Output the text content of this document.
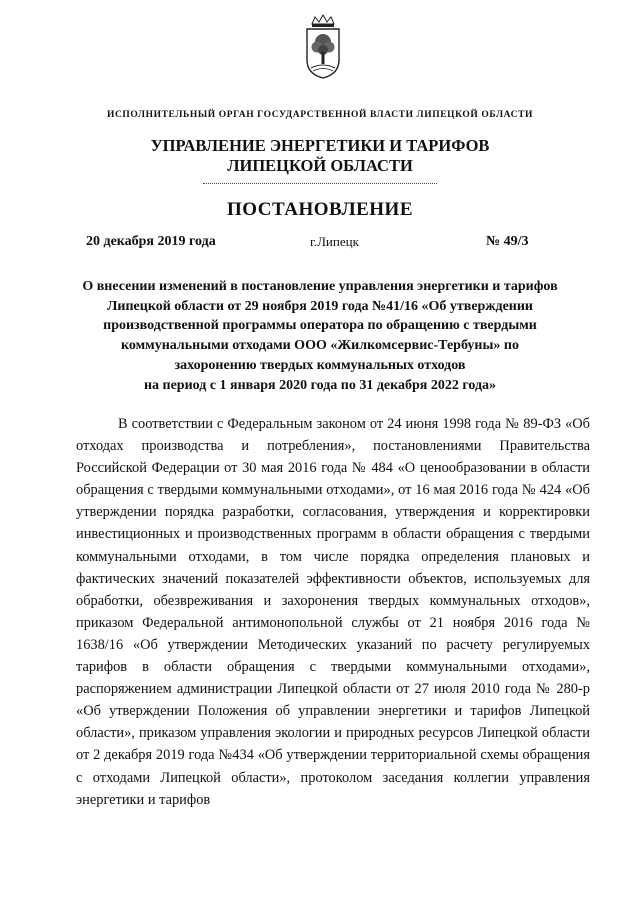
ИСПОЛНИТЕЛЬНЫЙ ОРГАН ГОСУДАРСТВЕННОЙ ВЛАСТИ ЛИПЕЦКОЙ ОБЛАСТИ
УПРАВЛЕНИЕ ЭНЕРГЕТИКИ И ТАРИФОВ
ЛИПЕЦКОЙ ОБЛАСТИ
ПОСТАНОВЛЕНИЕ
20 декабря 2019 года	г.Липецк	№ 49/3
О внесении изменений в постановление управления энергетики и тарифов
Липецкой области от 29 ноября 2019 года №41/16 «Об утверждении
производственной программы оператора по обращению с твердыми
коммунальными отходами ООО «Жилкомсервис-Тербуны» по
захоронению твердых коммунальных отходов
на период с 1 января 2020 года по 31 декабря 2022 года»

В соответствии с Федеральным законом от 24 июня 1998 года № 89-ФЗ «Об отходах производства и потребления», постановлениями Правительства Российской Федерации от 30 мая 2016 года № 484 «О ценообразовании в области обращения с твердыми коммунальными отходами», от 16 мая 2016 года № 424 «Об утверждении порядка разработки, согласования, утверждения и корректировки инвестиционных и производственных программ в области обращения с твердыми коммунальными отходами, в том числе порядка определения плановых и фактических значений показателей эффективности объектов, используемых для обработки, обезвреживания и захоронения твердых коммунальных отходов», приказом Федеральной антимонопольной службы от 21 ноября 2016 года № 1638/16 «Об утверждении Методических указаний по расчету регулируемых тарифов в области обращения с твердыми коммунальными отходами», распоряжением администрации Липецкой области от 27 июля 2010 года № 280-р «Об утверждении Положения об управлении энергетики и тарифов Липецкой области», приказом управления экологии и природных ресурсов Липецкой области от 2 декабря 2019 года №434 «Об утверждении территориальной схемы обращения с отходами Липецкой области», протоколом заседания коллегии управления энергетики и тарифов
